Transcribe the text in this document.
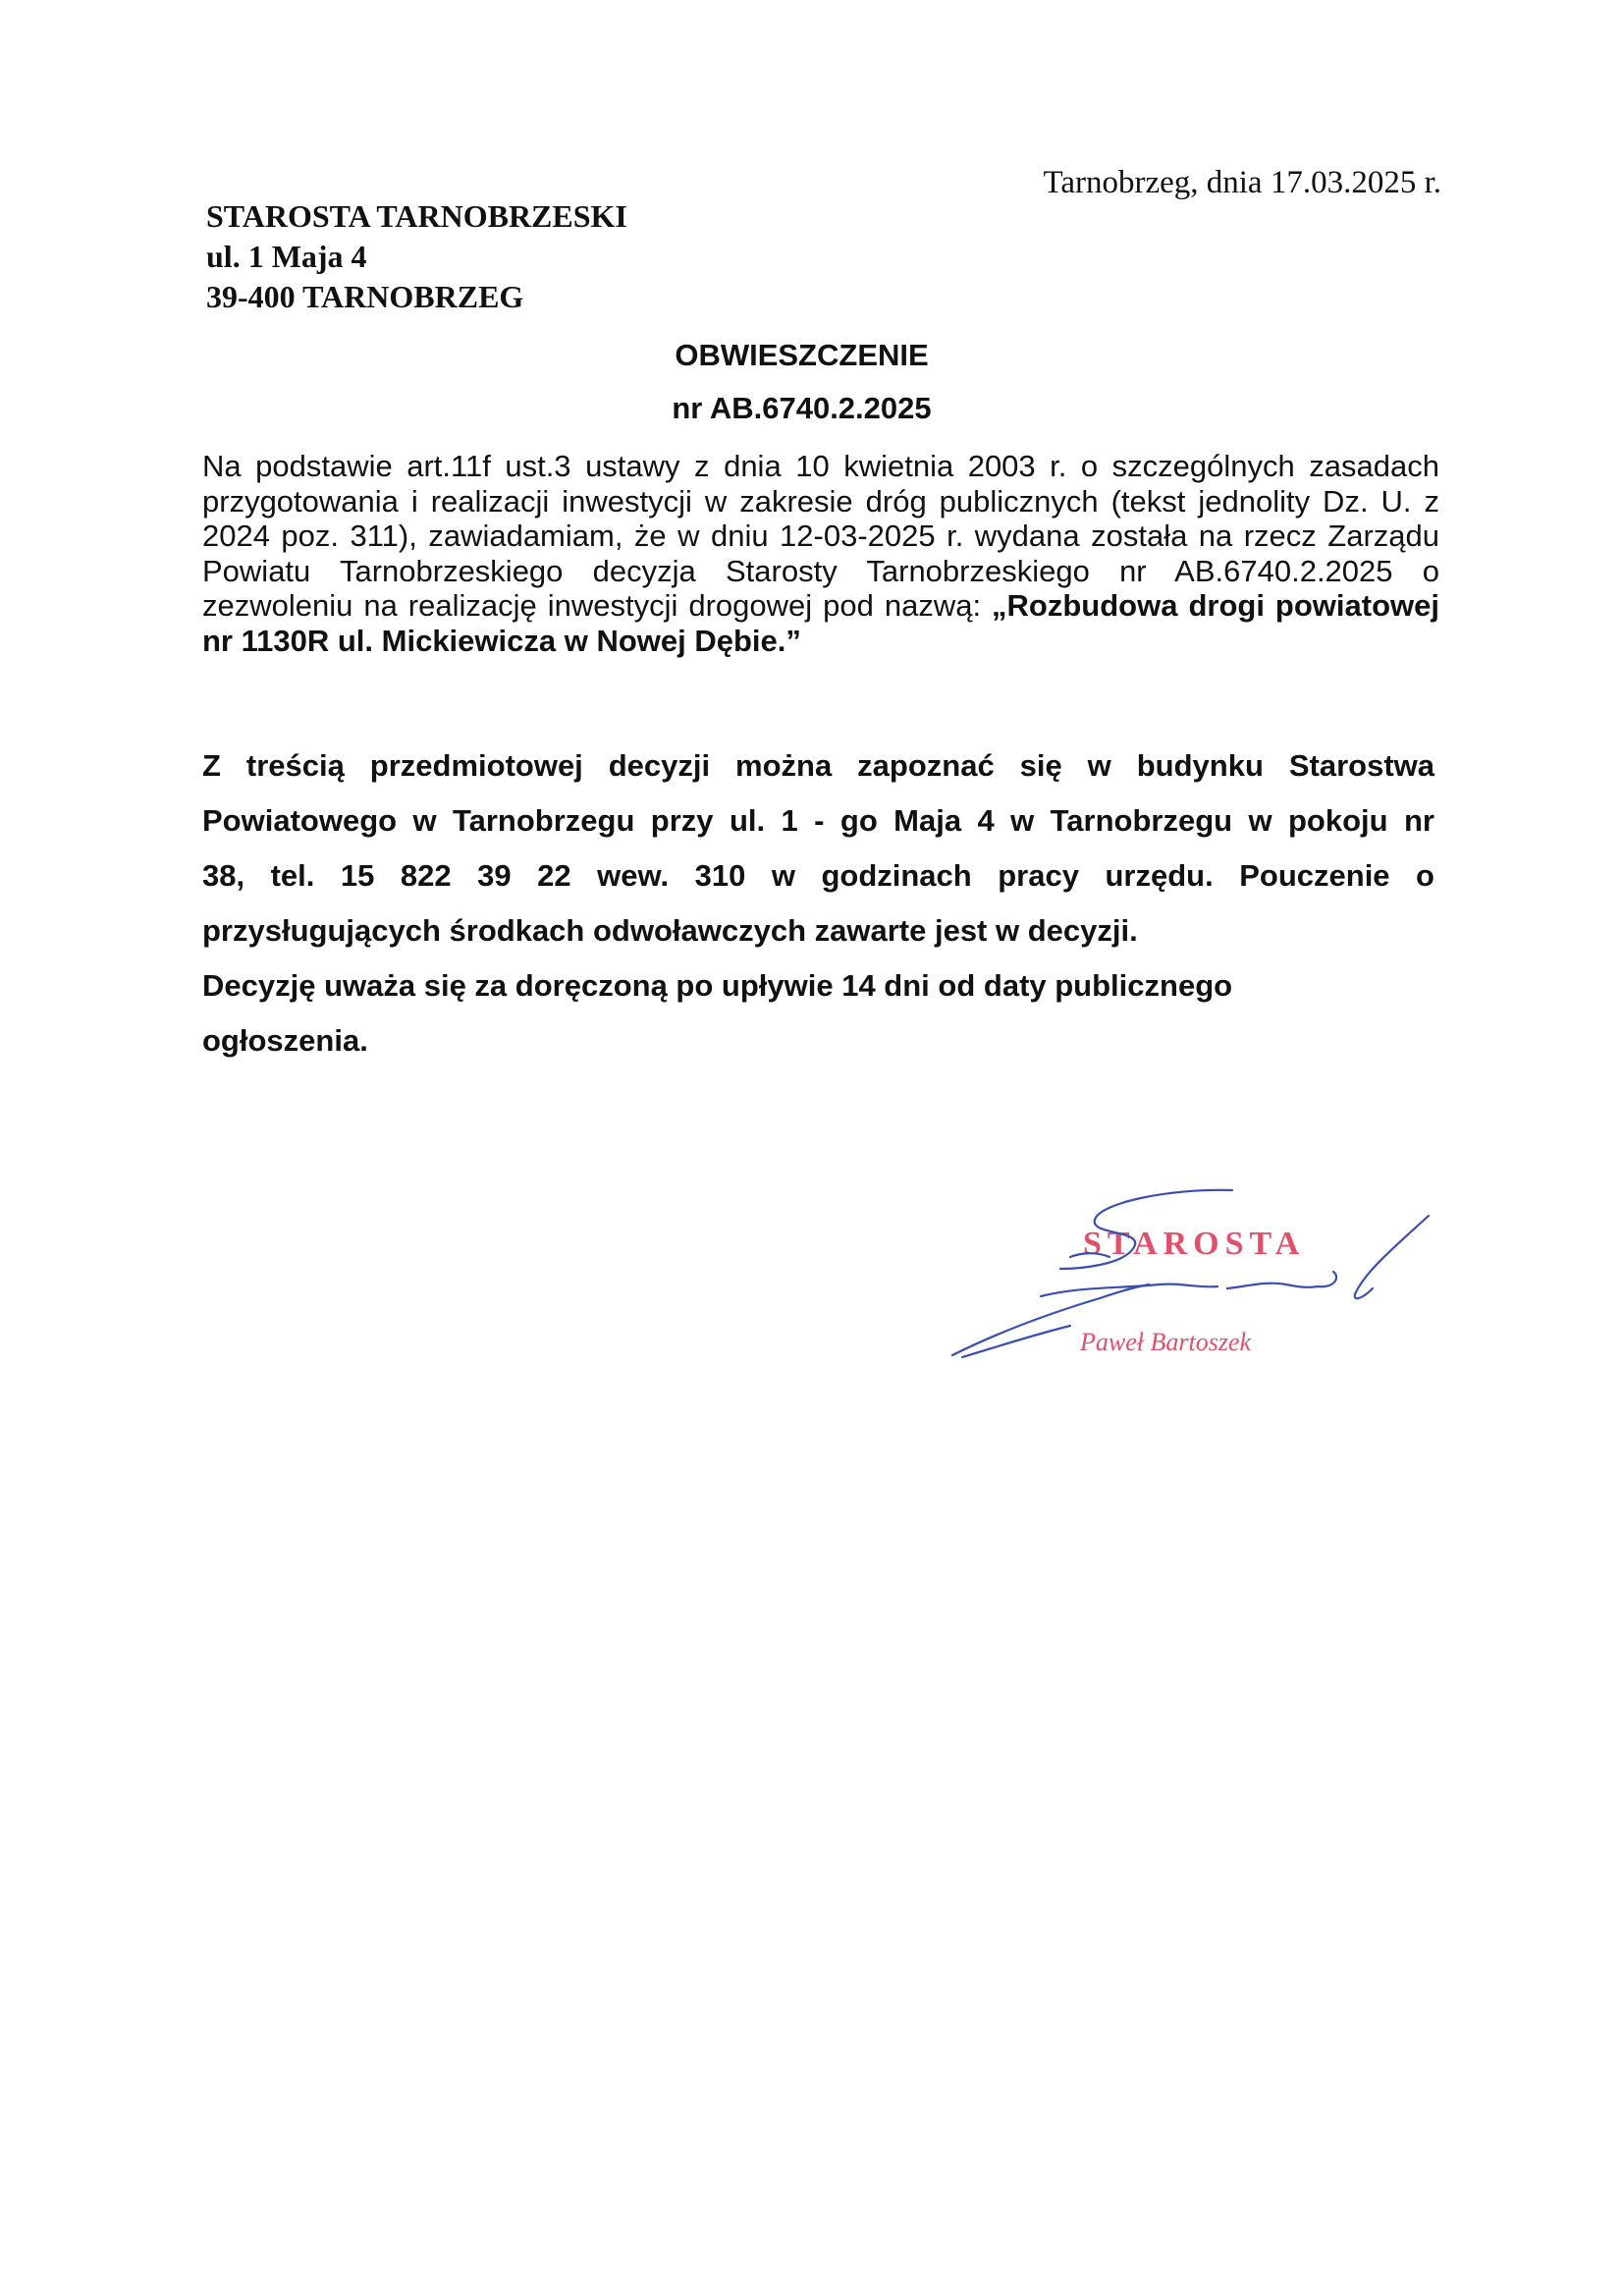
Tarnobrzeg, dnia 17.03.2025 r.
STAROSTA TARNOBRZESKI
ul. 1 Maja 4
39-400 TARNOBRZEG
OBWIESZCZENIE
nr AB.6740.2.2025
Na podstawie art.11f ust.3 ustawy z dnia 10 kwietnia 2003 r. o szczególnych zasadach przygotowania i realizacji inwestycji w zakresie dróg publicznych (tekst jednolity Dz. U. z 2024 poz. 311), zawiadamiam, że w dniu 12-03-2025 r. wydana została na rzecz Zarządu Powiatu Tarnobrzeskiego decyzja Starosty Tarnobrzeskiego nr AB.6740.2.2025 o zezwoleniu na realizację inwestycji drogowej pod nazwą: „Rozbudowa drogi powiatowej nr 1130R ul. Mickiewicza w Nowej Dębie.”
Z treścią przedmiotowej decyzji można zapoznać się w budynku Starostwa
Powiatowego w Tarnobrzegu przy ul. 1 - go Maja 4 w Tarnobrzegu w pokoju nr
38, tel. 15 822 39 22 wew. 310 w godzinach pracy urzędu. Pouczenie o
przysługujących środkach odwoławczych zawarte jest w decyzji.
Decyzję uważa się za doręczoną po upływie 14 dni od daty publicznego
ogłoszenia.
STAROSTA
Paweł Bartoszek
